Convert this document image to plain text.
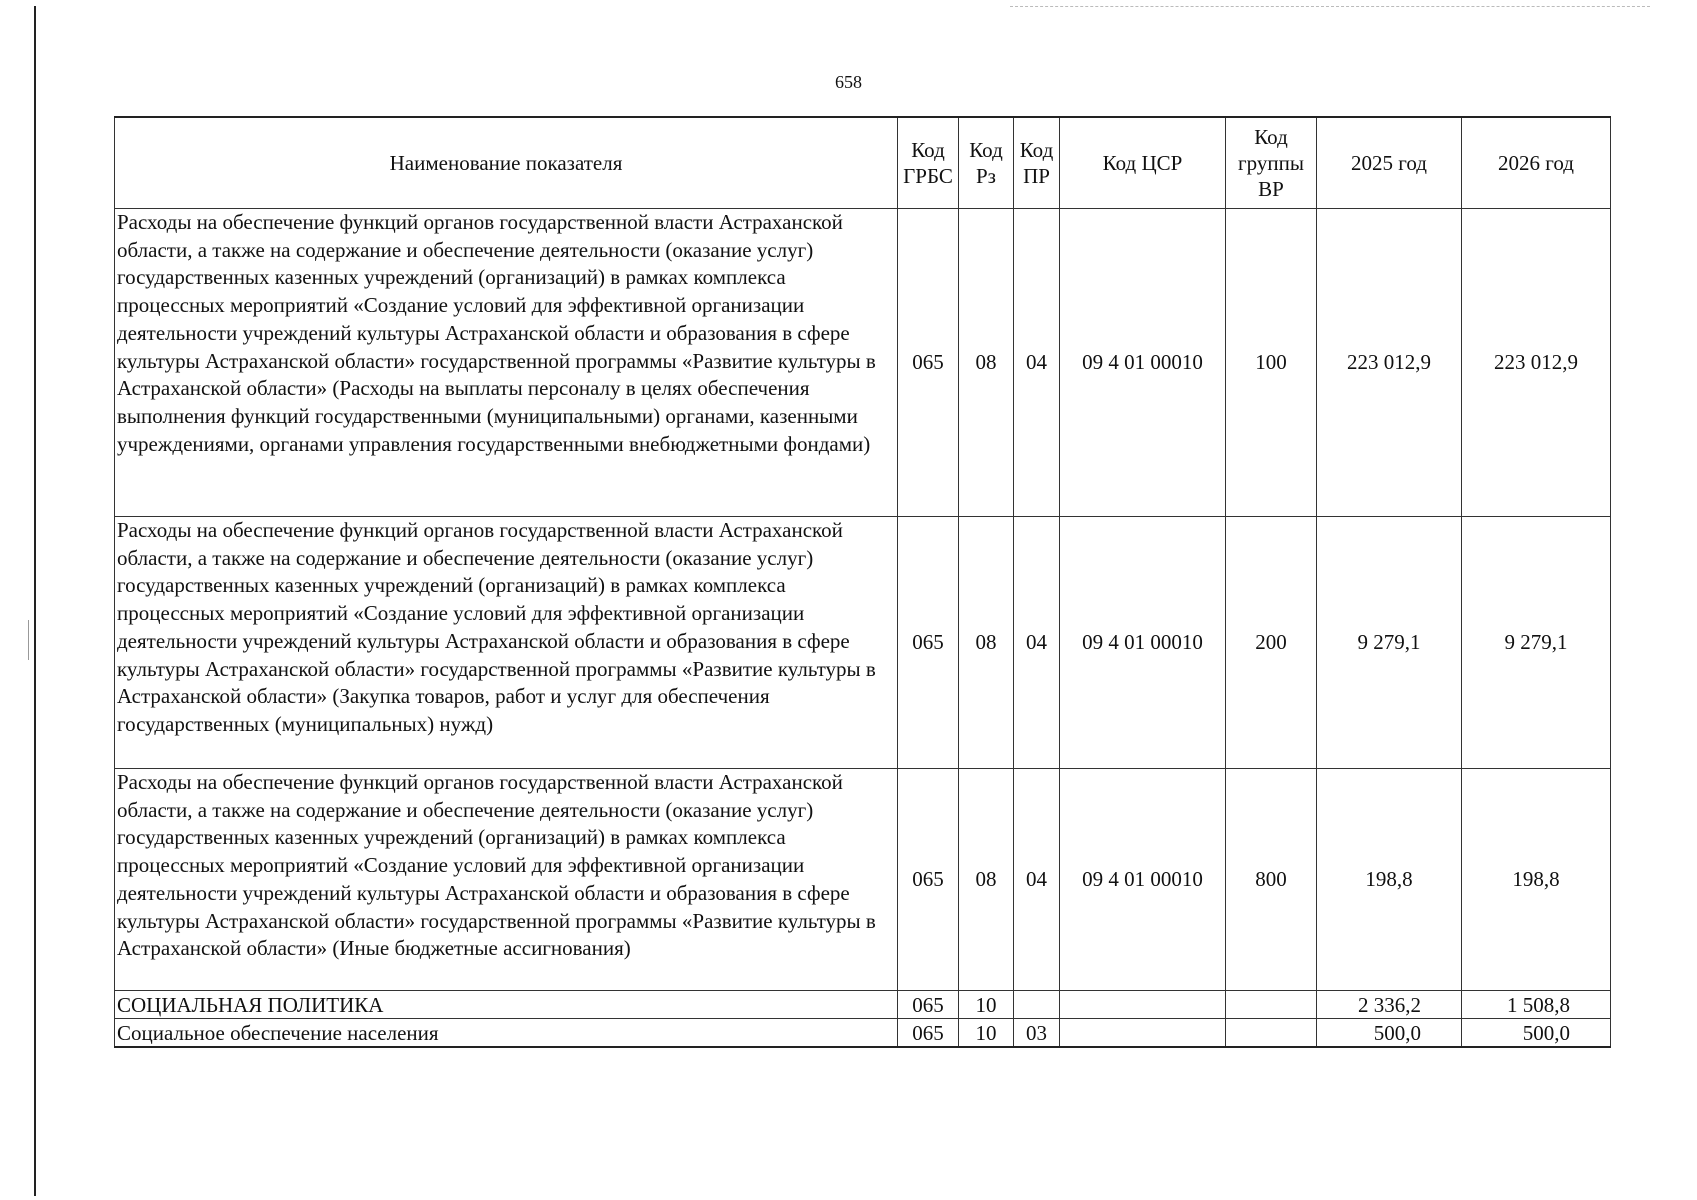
658
Наименование показателя	Код ГРБС	Код Рз	Код ПР	Код ЦСР	Код группы ВР	2025 год	2026 год
Расходы на обеспечение функций органов государственной власти Астраханской области, а также на содержание и обеспечение деятельности (оказание услуг) государственных казенных учреждений (организаций) в рамках комплекса процессных мероприятий «Создание условий для эффективной организации деятельности учреждений культуры Астраханской области и образования в сфере культуры Астраханской области» государственной программы «Развитие культуры в Астраханской области» (Расходы на выплаты персоналу в целях обеспечения выполнения функций государственными (муниципальными) органами, казенными учреждениями, органами управления государственными внебюджетными фондами)	065	08	04	09 4 01 00010	100	223 012,9	223 012,9
Расходы на обеспечение функций органов государственной власти Астраханской области, а также на содержание и обеспечение деятельности (оказание услуг) государственных казенных учреждений (организаций) в рамках комплекса процессных мероприятий «Создание условий для эффективной организации деятельности учреждений культуры Астраханской области и образования в сфере культуры Астраханской области» государственной программы «Развитие культуры в Астраханской области» (Закупка товаров, работ и услуг для обеспечения государственных (муниципальных) нужд)	065	08	04	09 4 01 00010	200	9 279,1	9 279,1
Расходы на обеспечение функций органов государственной власти Астраханской области, а также на содержание и обеспечение деятельности (оказание услуг) государственных казенных учреждений (организаций) в рамках комплекса процессных мероприятий «Создание условий для эффективной организации деятельности учреждений культуры Астраханской области и образования в сфере культуры Астраханской области» государственной программы «Развитие культуры в Астраханской области» (Иные бюджетные ассигнования)	065	08	04	09 4 01 00010	800	198,8	198,8
СОЦИАЛЬНАЯ ПОЛИТИКА	065	10				2 336,2	1 508,8
Социальное обеспечение населения	065	10	03			500,0	500,0
